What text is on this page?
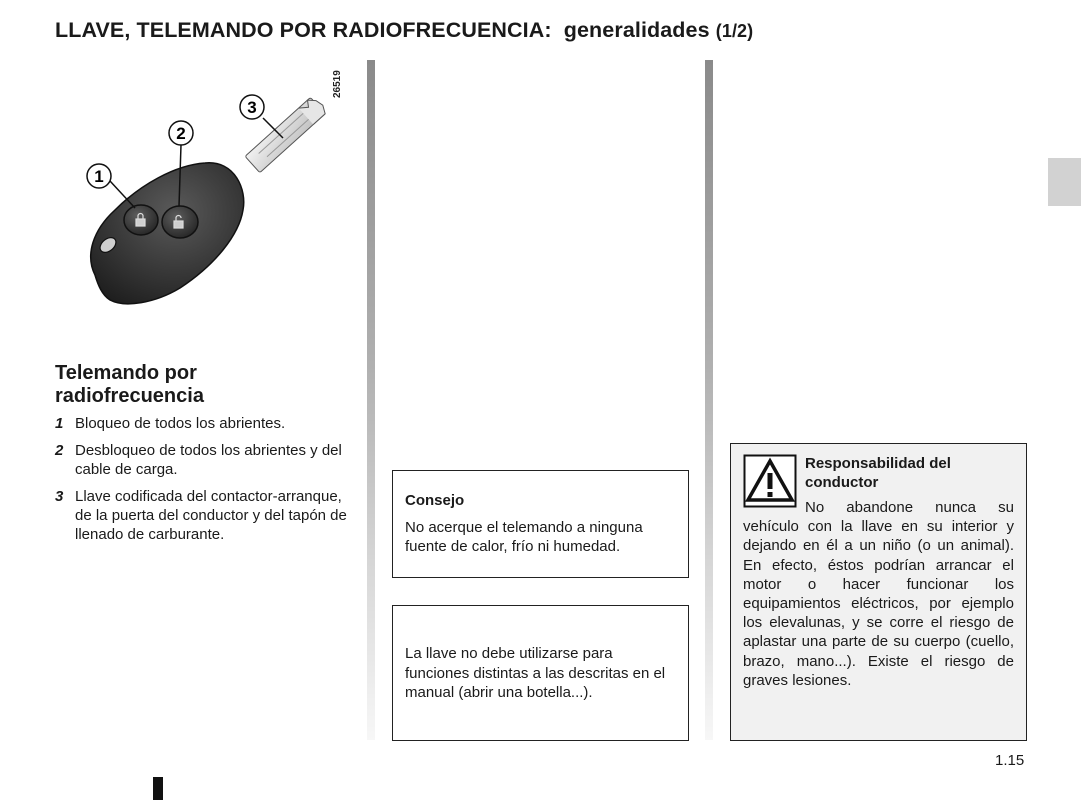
LLAVE, TELEMANDO POR RADIOFRECUENCIA: generalidades (1/2)
1
2
3
26519
Telemando por radiofrecuencia
1 Bloqueo de todos los abrientes.
2 Desbloqueo de todos los abrientes y del cable de carga.
3 Llave codificada del contactor-arranque, de la puerta del conductor y del tapón de llenado de carburante.
Consejo
No acerque el telemando a ninguna fuente de calor, frío ni humedad.
La llave no debe utilizarse para funciones distintas a las descritas en el manual (abrir una botella...).
Responsabilidad del conductor
No abandone nunca su vehículo con la llave en su interior y dejando en él a un niño (o un animal). En efecto, éstos podrían arrancar el motor o hacer funcionar los equipamientos eléctricos, por ejemplo los elevalunas, y se corre el riesgo de aplastar una parte de su cuerpo (cuello, brazo, mano...). Existe el riesgo de graves lesiones.
1.15
